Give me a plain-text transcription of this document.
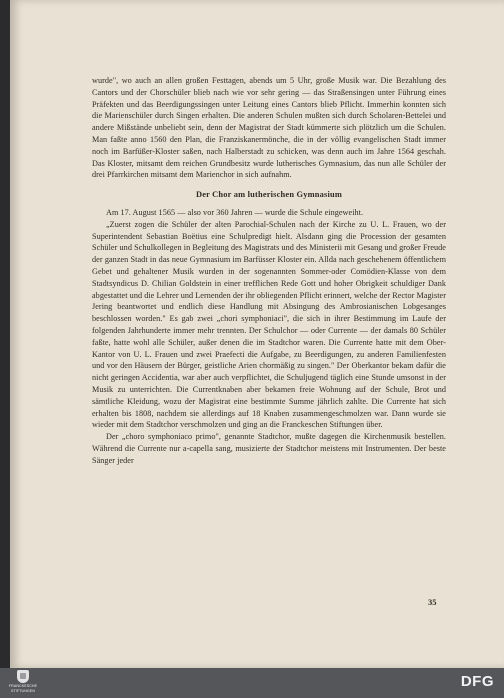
wurde", wo auch an allen großen Festtagen, abends um 5 Uhr, große Musik war. Die Bezahlung des Cantors und der Chorschüler blieb nach wie vor sehr gering — das Straßensingen unter Führung eines Präfekten und das Beerdigungssingen unter Leitung eines Cantors blieb Pflicht. Immerhin konnten sich die Marienschüler durch Singen erhalten. Die anderen Schulen mußten sich durch Scholaren-Bettelei und andere Mißstände unbeliebt sein, denn der Magistrat der Stadt kümmerte sich plötzlich um die Schulen. Man faßte anno 1560 den Plan, die Franziskanermönche, die in der völlig evangelischen Stadt immer noch im Barfüßer-Kloster saßen, nach Halberstadt zu schicken, was denn auch im Jahre 1564 geschah. Das Kloster, mitsamt dem reichen Grundbesitz wurde lutherisches Gymnasium, das nun alle Schüler der drei Pfarrkirchen mitsamt dem Marienchor in sich aufnahm.

Der Chor am lutherischen Gymnasium

Am 17. August 1565 — also vor 360 Jahren — wurde die Schule eingeweiht.

„Zuerst zogen die Schüler der alten Parochial-Schulen nach der Kirche zu U. L. Frauen, wo der Superintendent Sebastian Boëtius eine Schulpredigt hielt. Alsdann ging die Procession der gesamten Schüler und Schulkollegen in Begleitung des Magistrats und des Ministerii mit Gesang und großer Freude der ganzen Stadt in das neue Gymnasium im Barfüsser Kloster ein. Allda nach geschehenem öffentlichem Gebet und gehaltener Musik wurden in der sogenannten Sommer-oder Comödien-Klasse von dem Stadtsyndicus D. Chilian Goldstein in einer trefflichen Rede Gott und hoher Obrigkeit schuldiger Dank abgestattet und die Lehrer und Lernenden der ihr obliegenden Pflicht erinnert, welche der Rector Magister Jering beantwortet und endlich diese Handlung mit Absingung des Ambrosianischen Lobgesanges beschlossen worden." Es gab zwei „chori symphoniaci", die sich in ihrer Bestimmung im Laufe der folgenden Jahrhunderte immer mehr trennten. Der Schulchor — oder Currente — der damals 80 Schüler faßte, hatte wohl alle Schüler, außer denen die im Stadtchor waren. Die Currente hatte mit dem Ober-Kantor von U. L. Frauen und zwei Praefecti die Aufgabe, zu Beerdigungen, zu anderen Familienfesten und vor den Häusern der Bürger, geistliche Arien chormäßig zu singen." Der Oberkantor bekam dafür die nicht geringen Accidentia, war aber auch verpflichtet, die Schuljugend täglich eine Stunde umsonst in der Musik zu unterrichten. Die Currentknaben aber bekamen freie Wohnung auf der Schule, Brot und sämtliche Kleidung, wozu der Magistrat eine bestimmte Summe jährlich zahlte. Die Currente hat sich erhalten bis 1808, nachdem sie allerdings auf 18 Knaben zusammengeschmolzen war. Dann wurde sie wieder mit dem Stadtchor verschmolzen und ging an die Franckeschen Stiftungen über.

Der „choro symphoniaco primo", genannte Stadtchor, mußte dagegen die Kirchenmusik bestellen. Während die Currente nur a-capella sang, musizierte der Stadtchor meistens mit Instrumenten. Der beste Sänger jeder

35
FRANCKESCHE
STIFTUNGEN
DFG
